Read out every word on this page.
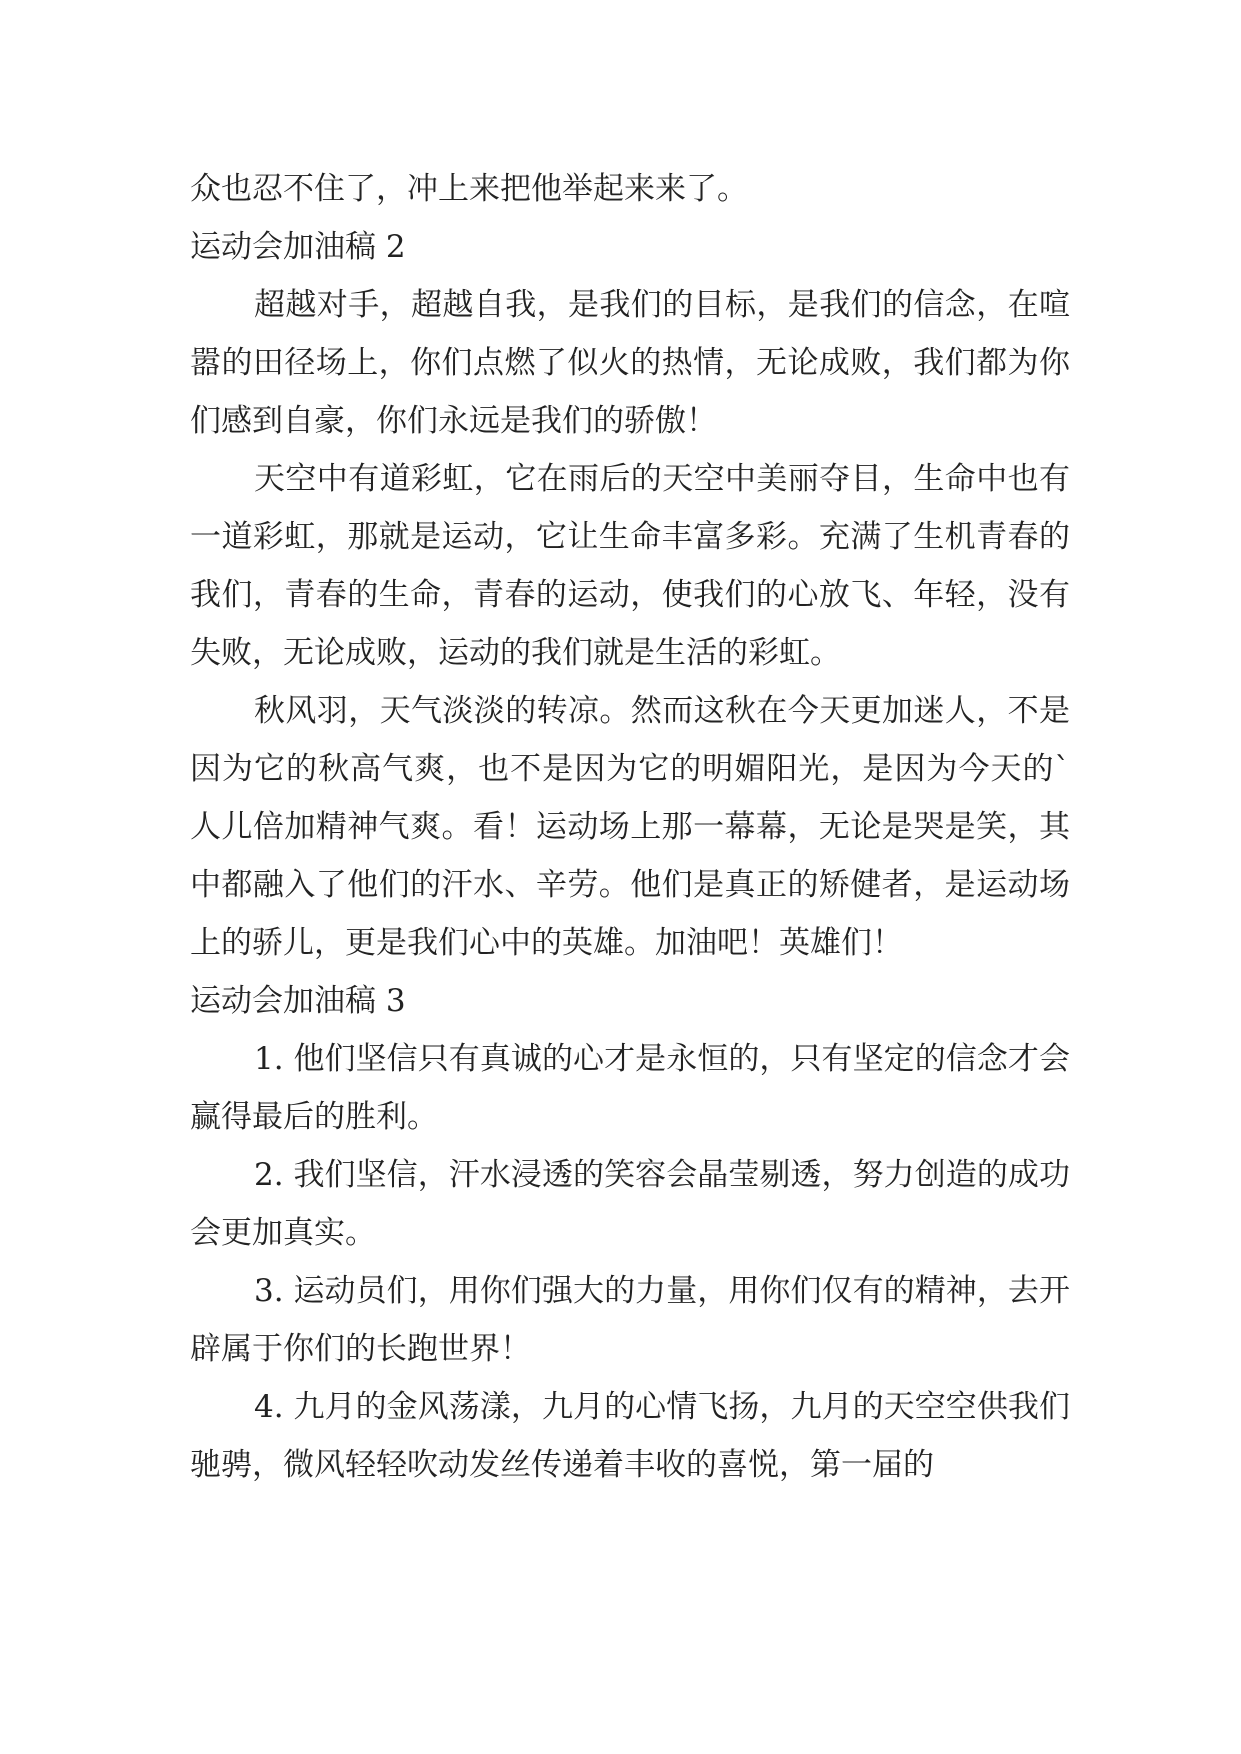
众也忍不住了，冲上来把他举起来来了。

运动会加油稿 2

超越对手，超越自我，是我们的目标，是我们的信念，在喧嚣的田径场上，你们点燃了似火的热情，无论成败，我们都为你们感到自豪，你们永远是我们的骄傲！

天空中有道彩虹，它在雨后的天空中美丽夺目，生命中也有一道彩虹，那就是运动，它让生命丰富多彩。充满了生机青春的我们，青春的生命，青春的运动，使我们的心放飞、年轻，没有失败，无论成败，运动的我们就是生活的彩虹。

秋风羽，天气淡淡的转凉。然而这秋在今天更加迷人，不是因为它的秋高气爽，也不是因为它的明媚阳光，是因为今天的`人儿倍加精神气爽。看！运动场上那一幕幕，无论是哭是笑，其中都融入了他们的汗水、辛劳。他们是真正的矫健者，是运动场上的骄儿，更是我们心中的英雄。加油吧！英雄们！

运动会加油稿 3

1. 他们坚信只有真诚的心才是永恒的，只有坚定的信念才会赢得最后的胜利。

2. 我们坚信，汗水浸透的笑容会晶莹剔透，努力创造的成功会更加真实。

3. 运动员们，用你们强大的力量，用你们仅有的精神，去开辟属于你们的长跑世界！

4. 九月的金风荡漾，九月的心情飞扬，九月的天空空供我们驰骋，微风轻轻吹动发丝传递着丰收的喜悦，第一届的
